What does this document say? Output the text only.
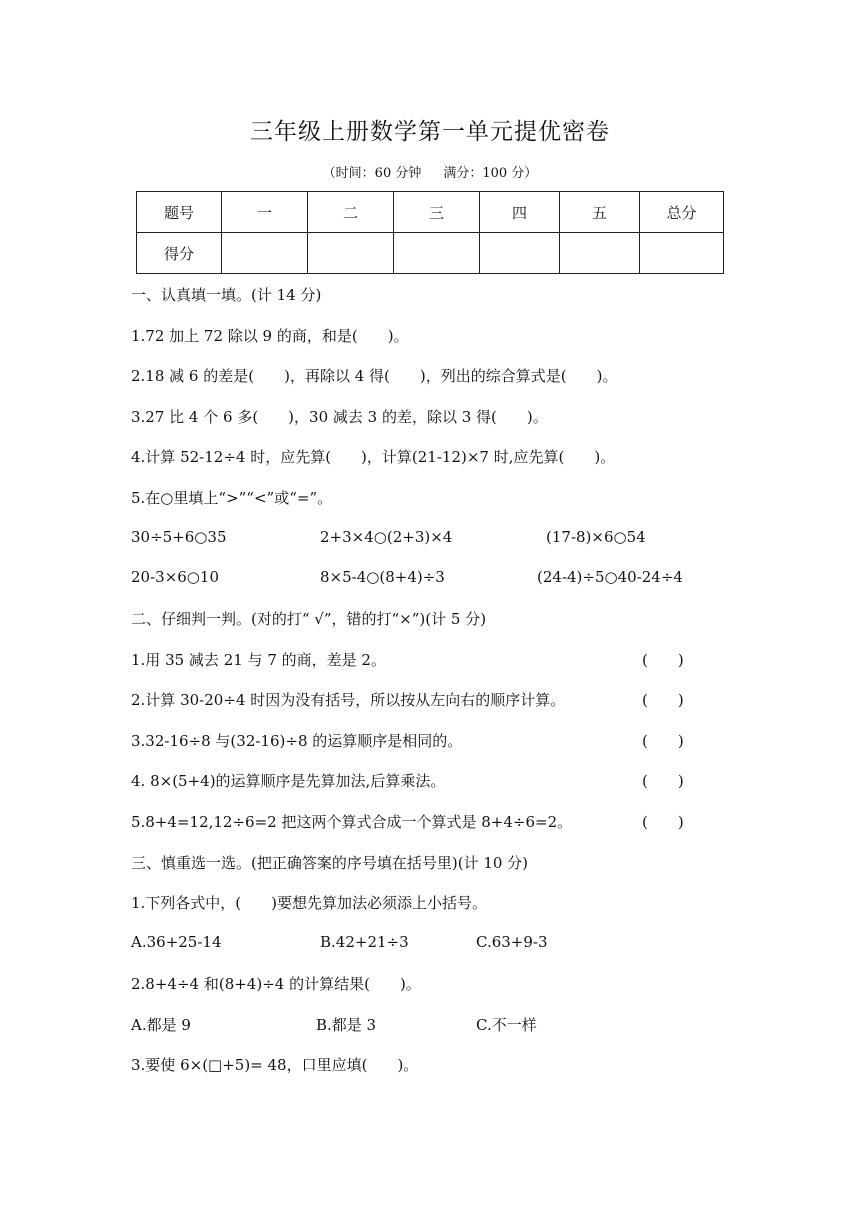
三年级上册数学第一单元提优密卷
（时间：60 分钟 满分：100 分）
题号	一	二	三	四	五	总分
得分						
一、认真填一填。(计 14 分)
1.72 加上 72 除以 9 的商，和是(　　)。
2.18 减 6 的差是(　　)，再除以 4 得(　　)，列出的综合算式是(　　)。
3.27 比 4 个 6 多(　　)，30 减去 3 的差，除以 3 得(　　)。
4.计算 52-12÷4 时，应先算(　　)，计算(21-12)×7 时,应先算(　　)。
5.在○里填上“>”“<”或“=”。
30÷5+6○35	2+3×4○(2+3)×4	(17-8)×6○54
20-3×6○10	8×5-4○(8+4)÷3	(24-4)÷5○40-24÷4
二、仔细判一判。(对的打“ √”，错的打“×”)(计 5 分)
1.用 35 减去 21 与 7 的商，差是 2。	(　　)
2.计算 30-20÷4 时因为没有括号，所以按从左向右的顺序计算。	(　　)
3.32-16÷8 与(32-16)÷8 的运算顺序是相同的。	(　　)
4. 8×(5+4)的运算顺序是先算加法,后算乘法。	(　　)
5.8+4=12,12÷6=2 把这两个算式合成一个算式是 8+4÷6=2。	(　　)
三、慎重选一选。(把正确答案的序号填在括号里)(计 10 分)
1.下列各式中，(　　)要想先算加法必须添上小括号。
A.36+25-14	B.42+21÷3	C.63+9-3
2.8+4÷4 和(8+4)÷4 的计算结果(　　)。
A.都是 9	B.都是 3	C.不一样
3.要使 6×(□+5)= 48，口里应填(　　)。
